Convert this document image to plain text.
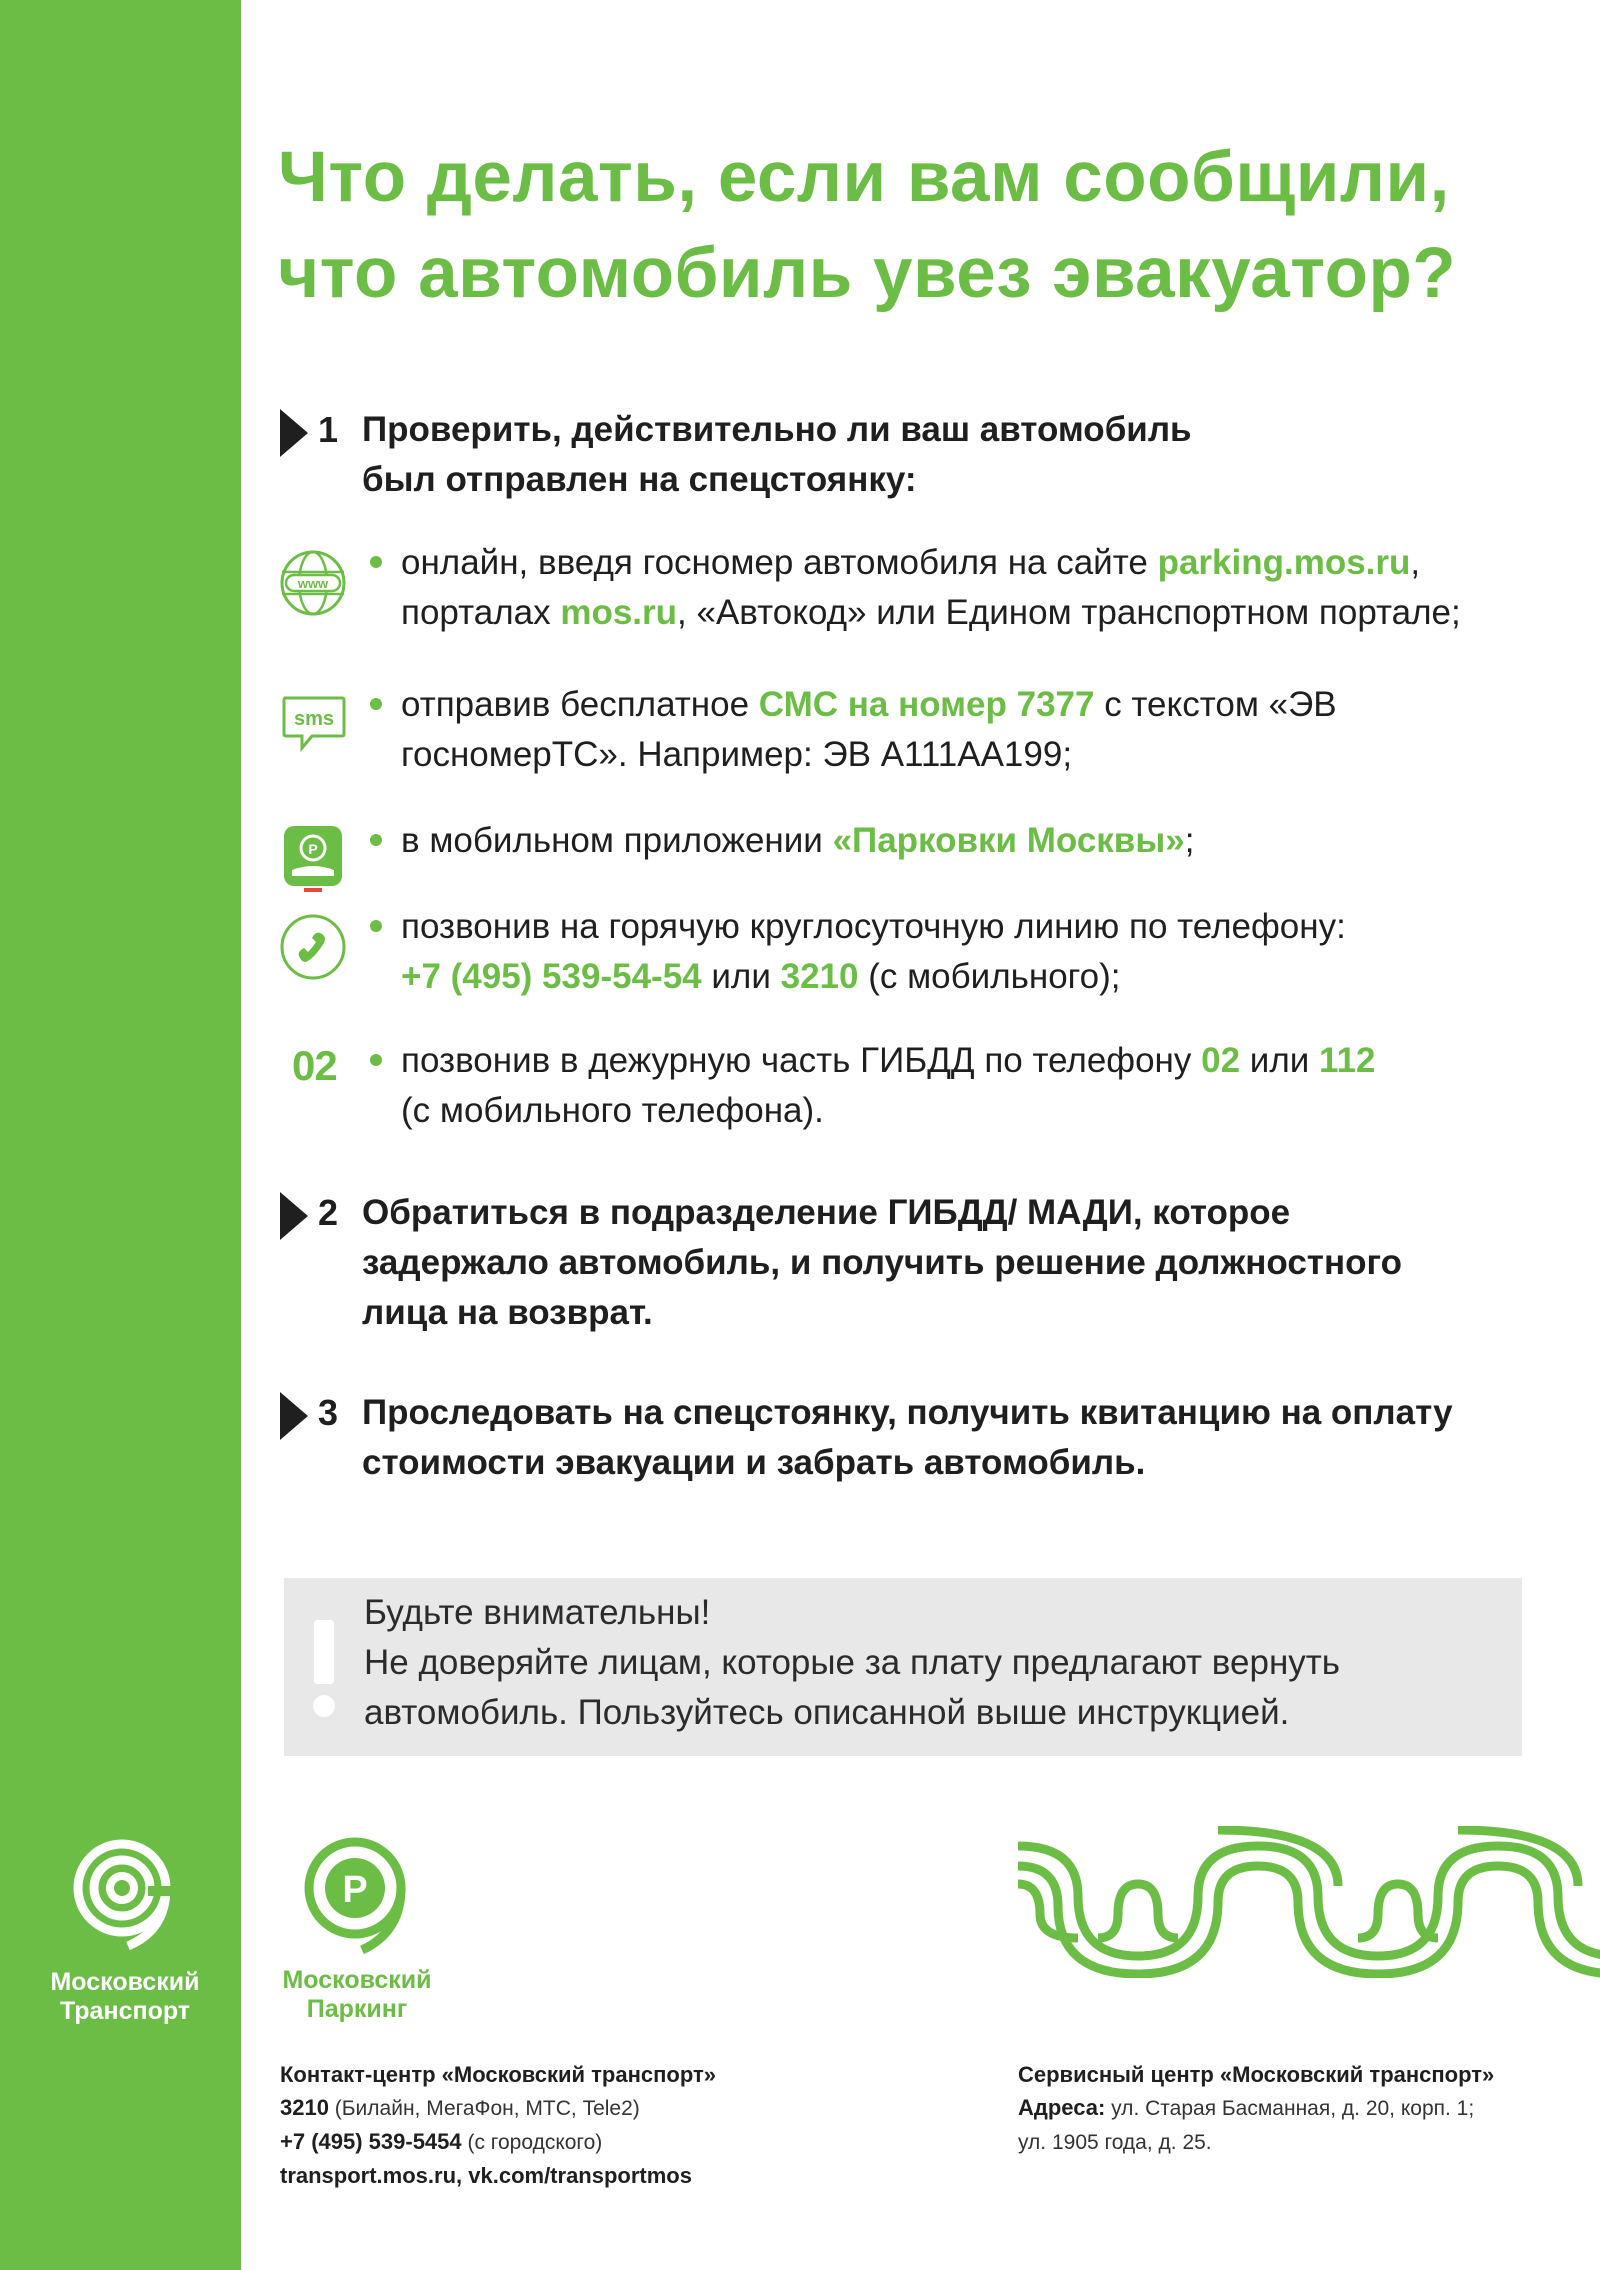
Что делать, если вам сообщили,
что автомобиль увез эвакуатор?
1 Проверить, действительно ли ваш автомобиль
был отправлен на спецстоянку:
www
онлайн, введя госномер автомобиля на сайте parking.mos.ru,
порталах mos.ru, «Автокод» или Едином транспортном портале;
sms отправив бесплатное СМС на номер 7377 с текстом «ЭВ
госномерТС». Например: ЭВ А111АА199;
P в мобильном приложении «Парковки Москвы»;
позвонив на горячую круглосуточную линию по телефону:
+7 (495) 539-54-54 или 3210 (с мобильного);
02	позвонив в дежурную часть ГИБДД по телефону 02 или 112
(с мобильного телефона).
2 Обратиться в подразделение ГИБДД/ МАДИ, которое
задержало автомобиль, и получить решение должностного
лица на возврат.
3 Проследовать на спецстоянку, получить квитанцию на оплату
стоимости эвакуации и забрать автомобиль.
Будьте внимательны!
Не доверяйте лицам, которые за плату предлагают вернуть
автомобиль. Пользуйтесь описанной выше инструкцией.
Московский
Транспорт
P
Московский
Паркинг
Контакт-центр «Московский транспорт»
3210 (Билайн, МегаФон, МТС, Tele2)
+7 (495) 539-5454 (с городского)
transport.mos.ru, vk.com/transportmos
Сервисный центр «Московский транспорт»
Адреса: ул. Старая Басманная, д. 20, корп. 1;
ул. 1905 года, д. 25.
